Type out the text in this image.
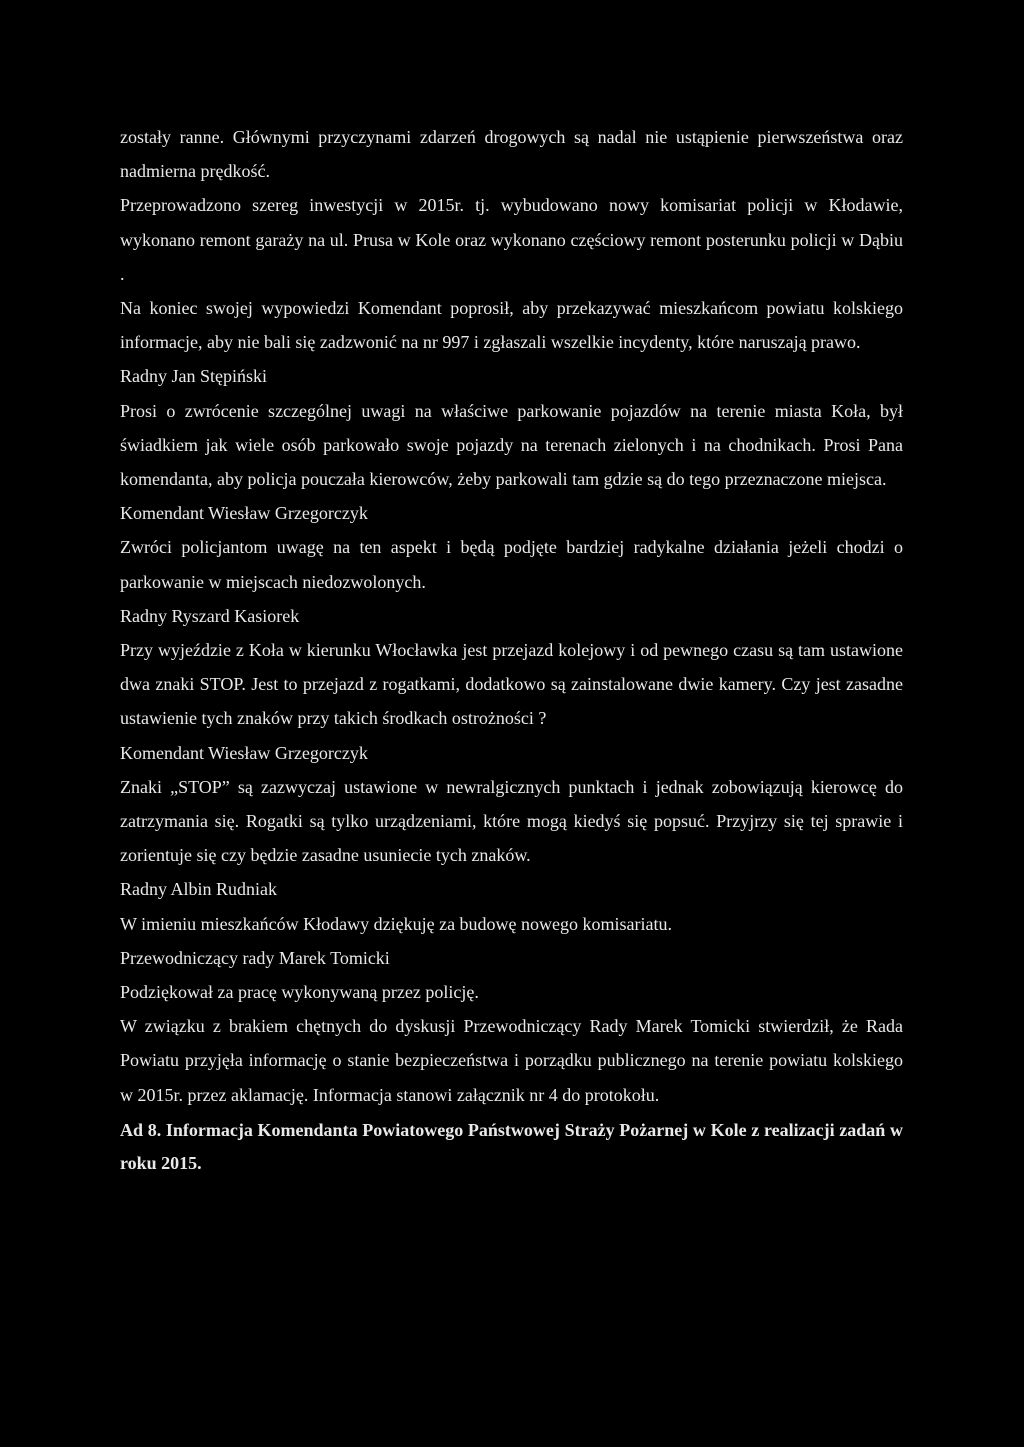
zostały ranne. Głównymi przyczynami zdarzeń drogowych są nadal nie ustąpienie pierwszeństwa oraz nadmierna prędkość.

Przeprowadzono szereg inwestycji w 2015r. tj. wybudowano nowy komisariat policji w Kłodawie, wykonano remont garaży na ul. Prusa w Kole oraz wykonano częściowy remont posterunku policji w Dąbiu .

Na koniec swojej wypowiedzi Komendant poprosił, aby przekazywać mieszkańcom powiatu kolskiego informacje, aby nie bali się zadzwonić na nr 997 i zgłaszali wszelkie incydenty, które naruszają prawo.

Radny Jan Stępiński

Prosi o zwrócenie szczególnej uwagi na właściwe parkowanie pojazdów na terenie miasta Koła, był świadkiem jak wiele osób parkowało swoje pojazdy na terenach zielonych i na chodnikach. Prosi Pana komendanta, aby policja pouczała kierowców, żeby parkowali tam gdzie są do tego przeznaczone miejsca.

Komendant Wiesław Grzegorczyk

Zwróci policjantom uwagę na ten aspekt i będą podjęte bardziej radykalne działania jeżeli chodzi o parkowanie w miejscach niedozwolonych.

Radny Ryszard Kasiorek

Przy wyjeździe z Koła w kierunku Włocławka jest przejazd kolejowy i od pewnego czasu są tam ustawione dwa znaki STOP. Jest to przejazd z rogatkami, dodatkowo są zainstalowane dwie kamery. Czy jest zasadne ustawienie tych znaków przy takich środkach ostrożności ?

Komendant Wiesław Grzegorczyk

Znaki „STOP” są zazwyczaj ustawione w newralgicznych punktach i jednak zobowiązują kierowcę do zatrzymania się. Rogatki są tylko urządzeniami, które mogą kiedyś się popsuć. Przyjrzy się tej sprawie i zorientuje się czy będzie zasadne usuniecie tych znaków.

Radny Albin Rudniak

W imieniu mieszkańców Kłodawy dziękuję za budowę nowego komisariatu.

Przewodniczący rady Marek Tomicki

Podziękował za pracę wykonywaną przez policję.

W związku z brakiem chętnych do dyskusji Przewodniczący Rady Marek Tomicki stwierdził, że Rada Powiatu przyjęła informację o stanie bezpieczeństwa i porządku publicznego na terenie powiatu kolskiego w 2015r. przez aklamację. Informacja stanowi załącznik nr 4 do protokołu.

Ad 8. Informacja Komendanta Powiatowego Państwowej Straży Pożarnej w Kole z realizacji zadań w roku 2015.
